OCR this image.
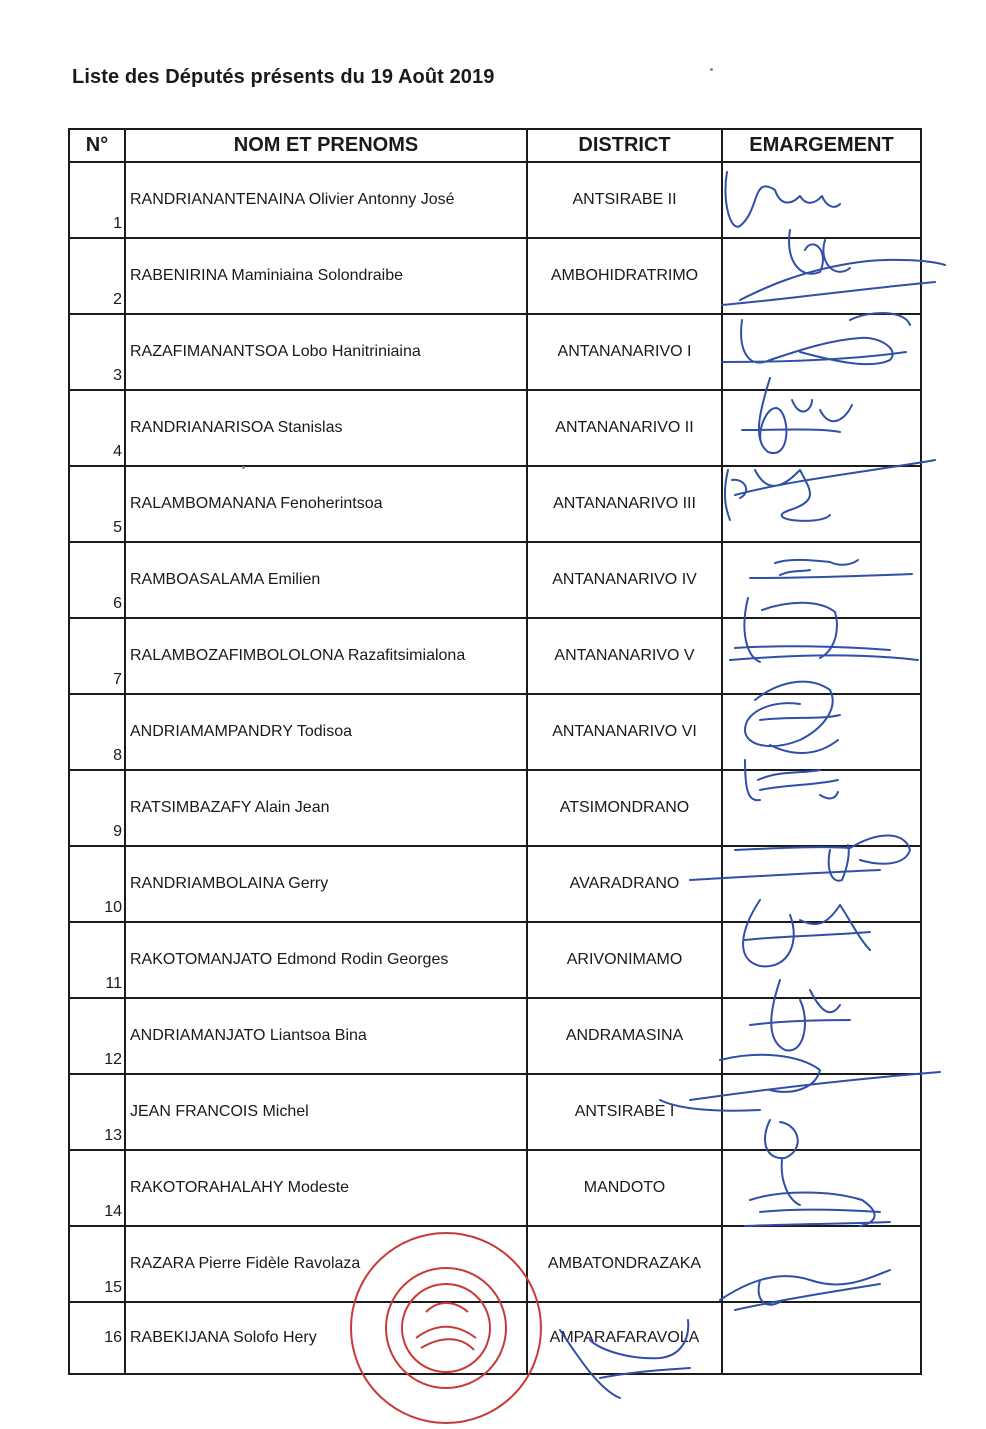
Liste des Députés présents du 19 Août 2019
N°	NOM ET PRENOMS	DISTRICT	EMARGEMENT
1	RANDRIANANTENAINA Olivier Antonny José	ANTSIRABE II	
2	RABENIRINA Maminiaina Solondraibe	AMBOHIDRATRIMO	
3	RAZAFIMANANTSOA Lobo Hanitriniaina	ANTANANARIVO I	
4	RANDRIANARISOA Stanislas	ANTANANARIVO II	
5	RALAMBOMANANA Fenoherintsoa	ANTANANARIVO III	
6	RAMBOASALAMA Emilien	ANTANANARIVO IV	
7	RALAMBOZAFIMBOLOLONA Razafitsimialona	ANTANANARIVO V	
8	ANDRIAMAMPANDRY Todisoa	ANTANANARIVO VI	
9	RATSIMBAZAFY Alain Jean	ATSIMONDRANO	
10	RANDRIAMBOLAINA Gerry	AVARADRANO	
11	RAKOTOMANJATO Edmond Rodin Georges	ARIVONIMAMO	
12	ANDRIAMANJATO Liantsoa Bina	ANDRAMASINA	
13	JEAN FRANCOIS Michel	ANTSIRABE I	
14	RAKOTORAHALAHY Modeste	MANDOTO	
15	RAZARA Pierre Fidèle Ravolaza	AMBATONDRAZAKA	
16	RABEKIJANA Solofo Hery	AMPARAFARAVOLA	
